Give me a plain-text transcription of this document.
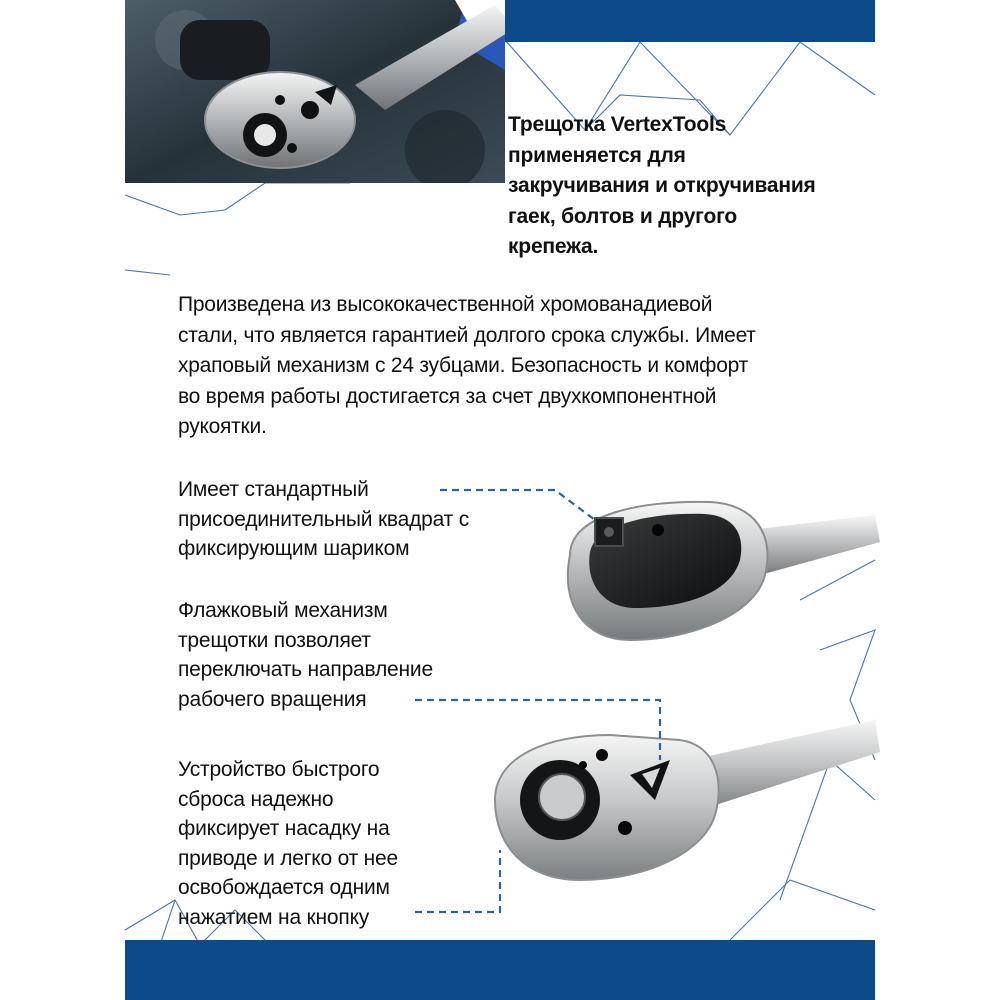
Трещотка VertexTools
применяется для
закручивания и откручивания
гаек, болтов и другого
крепежа.
Произведена из высококачественной хромованадиевой
стали, что является гарантией долгого срока службы. Имеет
храповый механизм с 24 зубцами. Безопасность и комфорт
во время работы достигается за счет двухкомпонентной
рукоятки.
Имеет стандартный
присоединительный квадрат с
фиксирующим шариком
Флажковый механизм
трещотки позволяет
переключать направление
рабочего вращения
Устройство быстрого
сброса надежно
фиксирует насадку на
приводе и легко от нее
освобождается одним
нажатием на кнопку
